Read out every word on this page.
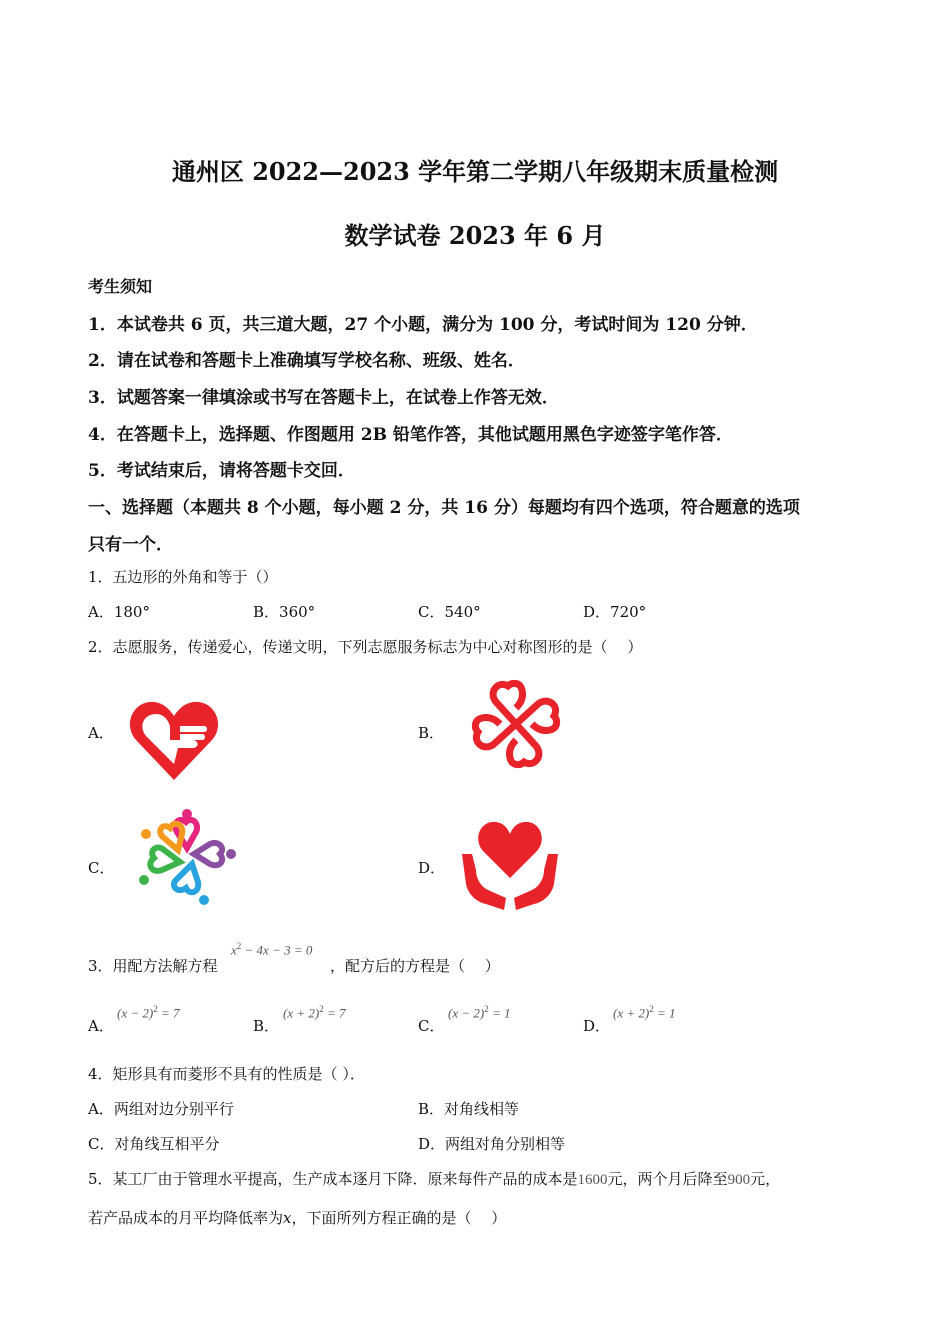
通州区 2022—2023 学年第二学期八年级期末质量检测
数学试卷 2023 年 6 月
考生须知
1．本试卷共 6 页，共三道大题，27 个小题，满分为 100 分，考试时间为 120 分钟．
2．请在试卷和答题卡上准确填写学校名称、班级、姓名．
3．试题答案一律填涂或书写在答题卡上，在试卷上作答无效．
4．在答题卡上，选择题、作图题用 2B 铅笔作答，其他试题用黑色字迹签字笔作答．
5．考试结束后，请将答题卡交回．
一、选择题（本题共 8 个小题，每小题 2 分，共 16 分）每题均有四个选项，符合题意的选项
只有一个．
1．五边形的外角和等于（）
A．180°	B．360°	C．540°	D．720°
2．志愿服务，传递爱心，传递文明，下列志愿服务标志为中心对称图形的是（　 ）
A．	B．
C．	D．
3．用配方法解方程
$x^2 - 4x - 3 = 0$
，配方后的方程是（　 ）
A．
$(x - 2)^2 = 7$
B．
$(x + 2)^2 = 7$
C．
$(x - 2)^2 = 1$
D．
$(x + 2)^2 = 1$
4．矩形具有而菱形不具有的性质是（ ）．
A．两组对边分别平行	B．对角线相等
C．对角线互相平分	D．两组对角分别相等
5．某工厂由于管理水平提高，生产成本逐月下降．原来每件产品的成本是1600元，两个月后降至900元，
若产品成本的月平均降低率为x，下面所列方程正确的是（　 ）
